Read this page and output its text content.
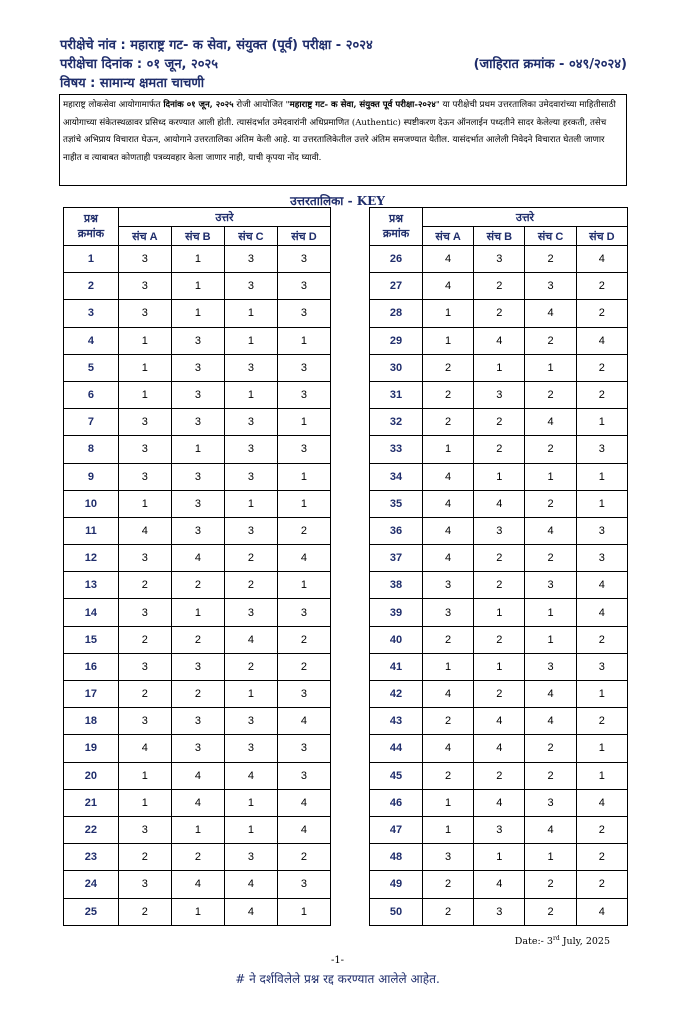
परीक्षेचे नांव : महाराष्ट्र गट- क सेवा, संयुक्त (पूर्व) परीक्षा - २०२४
परीक्षेचा दिनांक : ०१ जून, २०२५	(जाहिरात क्रमांक - ०४९/२०२४)
विषय : सामान्य क्षमता चाचणी
महाराष्ट्र लोकसेवा आयोगामार्फत दिनांक ०१ जून, २०२५ रोजी आयोजित "महाराष्ट्र गट- क सेवा, संयुक्त पूर्व परीक्षा-२०२४" या परीक्षेची प्रथम उत्तरतालिका उमेदवारांच्या माहितीसाठी आयोगाच्या संकेतस्थळावर प्रसिध्द करण्यात आली होती. त्यासंदर्भात उमेदवारांनी अधिप्रमाणित (Authentic) स्पष्टीकरण देऊन ऑनलाईन पध्दतीने सादर केलेल्या हरकती, तसेच तज्ञांचे अभिप्राय विचारात घेऊन, आयोगाने उत्तरतालिका अंतिम केली आहे. या उत्तरतालिकेतील उत्तरे अंतिम समजण्यात येतील. यासंदर्भात आलेली निवेदने विचारात घेतली जाणार नाहीत व त्याबाबत कोणताही पत्रव्यवहार केला जाणार नाही, याची कृपया नोंद घ्यावी.
उत्तरतालिका - KEY
प्रश्न
क्रमांक	उत्तरे			
	संच A	संच B	संच C	संच D
1	3	1	3	3
2	3	1	3	3
3	3	1	1	3
4	1	3	1	1
5	1	3	3	3
6	1	3	1	3
7	3	3	3	1
8	3	1	3	3
9	3	3	3	1
10	1	3	1	1
11	4	3	3	2
12	3	4	2	4
13	2	2	2	1
14	3	1	3	3
15	2	2	4	2
16	3	3	2	2
17	2	2	1	3
18	3	3	3	4
19	4	3	3	3
20	1	4	4	3
21	1	4	1	4
22	3	1	1	4
23	2	2	3	2
24	3	4	4	3
25	2	1	4	1
प्रश्न
क्रमांक	उत्तरे			
	संच A	संच B	संच C	संच D
26	4	3	2	4
27	4	2	3	2
28	1	2	4	2
29	1	4	2	4
30	2	1	1	2
31	2	3	2	2
32	2	2	4	1
33	1	2	2	3
34	4	1	1	1
35	4	4	2	1
36	4	3	4	3
37	4	2	2	3
38	3	2	3	4
39	3	1	1	4
40	2	2	1	2
41	1	1	3	3
42	4	2	4	1
43	2	4	4	2
44	4	4	2	1
45	2	2	2	1
46	1	4	3	4
47	1	3	4	2
48	3	1	1	2
49	2	4	2	2
50	2	3	2	4
Date:- 3rd July, 2025
-1-
# ने दर्शविलेले प्रश्न रद्द करण्यात आलेले आहेत.
